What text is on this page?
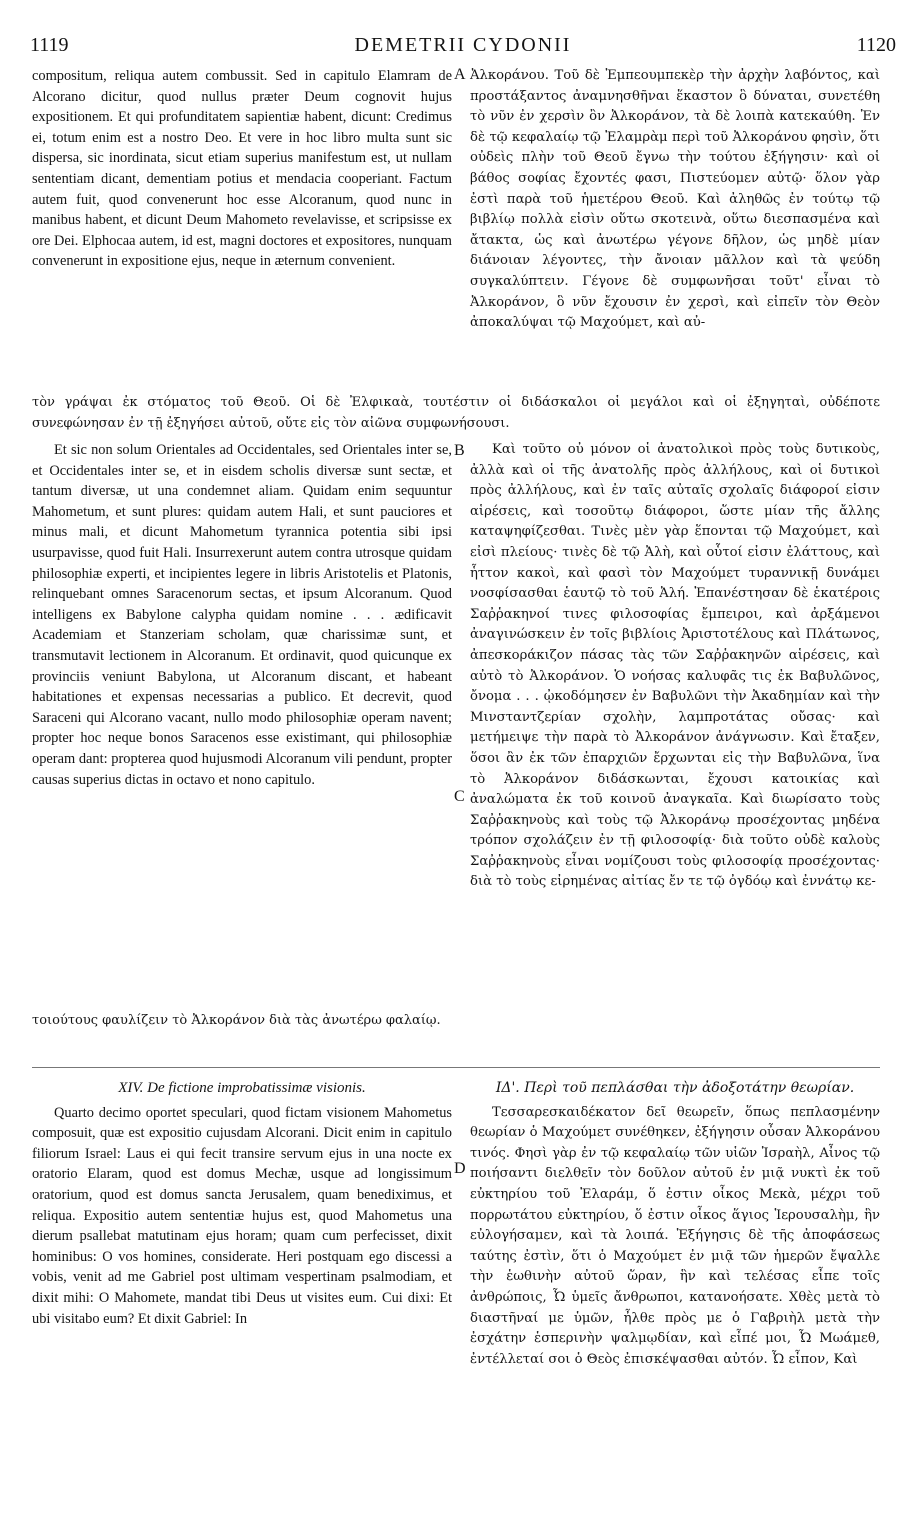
1119	DEMETRII CYDONII	1120
A

compositum, reliqua autem combussit. Sed in capitulo Elamram de Alcorano dicitur, quod nullus præter Deum cognovit hujus expositionem. Et qui profunditatem sapientiæ habent, dicunt: Credimus ei, totum enim est a nostro Deo. Et vere in hoc libro multa sunt sic dispersa, sic inordinata, sicut etiam superius manifestum est, ut nullam sententiam dicant, dementiam potius et mendacia cooperiant. Factum autem fuit, quod convenerunt hoc esse Alcoranum, quod nunc in manibus habent, et dicunt Deum Mahometo revelavisse, et scripsisse ex ore Dei. Elphocaa autem, id est, magni doctores et expositores, nunquam convenerunt in expositione ejus, neque in æternum convenient.

Ἀλκοράνου. Τοῦ δὲ Ἐμπεουμπεκὲρ τὴν ἀρχὴν λαβόντος, καὶ προστάξαντος ἀναμνησθῆναι ἕκαστον ὃ δύναται, συνετέθη τὸ νῦν ἐν χερσὶν ὂν Ἀλκοράνον, τὰ δὲ λοιπὰ κατεκαύθη. Ἐν δὲ τῷ κεφαλαίῳ τῷ Ἐλαμρὰμ περὶ τοῦ Ἀλκοράνου φησὶν, ὅτι οὐδεὶς πλὴν τοῦ Θεοῦ ἔγνω τὴν τούτου ἐξήγησιν· καὶ οἱ βάθος σοφίας ἔχοντές φασι, Πιστεύομεν αὐτῷ· ὅλον γὰρ ἐστὶ παρὰ τοῦ ἡμετέρου Θεοῦ. Καὶ ἀληθῶς ἐν τούτῳ τῷ βιβλίῳ πολλὰ εἰσὶν οὕτω σκοτεινὰ, οὕτω διεσπασμένα καὶ ἄτακτα, ὡς καὶ ἀνωτέρω γέγονε δῆλον, ὡς μηδὲ μίαν διάνοιαν λέγοντες, τὴν ἄνοιαν μᾶλλον καὶ τὰ ψεύδη συγκαλύπτειν. Γέγονε δὲ συμφωνῆσαι τοῦτ' εἶναι τὸ Ἀλκοράνον, ὃ νῦν ἔχουσιν ἐν χερσὶ, καὶ εἰπεῖν τὸν Θεὸν ἀποκαλύψαι τῷ Μαχούμετ, καὶ αὐ-

τὸν γράψαι ἐκ στόματος τοῦ Θεοῦ. Οἱ δὲ Ἐλφικαὰ, τουτέστιν οἱ διδάσκαλοι οἱ μεγάλοι καὶ οἱ ἐξηγηταὶ, οὐδέποτε συνεφώνησαν ἐν τῇ ἐξηγήσει αὐτοῦ, οὔτε εἰς τὸν αἰῶνα συμφωνήσουσι.
B
C

Et sic non solum Orientales ad Occidentales, sed Orientales inter se, et Occidentales inter se, et in eisdem scholis diversæ sunt sectæ, et tantum diversæ, ut una condemnet aliam. Quidam enim sequuntur Mahometum, et sunt plures: quidam autem Hali, et sunt pauciores et minus mali, et dicunt Mahometum tyrannica potentia sibi ipsi usurpavisse, quod fuit Hali. Insurrexerunt autem contra utrosque quidam philosophiæ experti, et incipientes legere in libris Aristotelis et Platonis, relinquebant omnes Saracenorum sectas, et ipsum Alcoranum. Quod intelligens ex Babylone calypha quidam nomine . . . ædificavit Academiam et Stanzeriam scholam, quæ charissimæ sunt, et transmutavit lectionem in Alcoranum. Et ordinavit, quod quicunque ex provinciis veniunt Babylona, ut Alcoranum discant, et habeant habitationes et expensas necessarias a publico. Et decrevit, quod Saraceni qui Alcorano vacant, nullo modo philosophiæ operam navent; propter hoc neque bonos Saracenos esse existimant, qui philosophiæ operam dant: propterea quod hujusmodi Alcoranum vili pendunt, propter causas superius dictas in octavo et nono capitulo.

Καὶ τοῦτο οὐ μόνον οἱ ἀνατολικοὶ πρὸς τοὺς δυτικοὺς, ἀλλὰ καὶ οἱ τῆς ἀνατολῆς πρὸς ἀλλήλους, καὶ οἱ δυτικοὶ πρὸς ἀλλήλους, καὶ ἐν ταῖς αὐταῖς σχολαῖς διάφοροί εἰσιν αἱρέσεις, καὶ τοσοῦτῳ διάφοροι, ὥστε μίαν τῆς ἄλλης καταψηφίζεσθαι. Τινὲς μὲν γὰρ ἕπονται τῷ Μαχούμετ, καὶ εἰσὶ πλείους· τινὲς δὲ τῷ Ἀλὴ, καὶ οὗτοί εἰσιν ἐλάττους, καὶ ἧττον κακοὶ, καὶ φασὶ τὸν Μαχούμετ τυραννικῇ δυνάμει νοσφίσασθαι ἑαυτῷ τὸ τοῦ Ἀλή. Ἐπανέστησαν δὲ ἑκατέροις Σαῤῥακηνοί τινες φιλοσοφίας ἔμπειροι, καὶ ἀρξάμενοι ἀναγινώσκειν ἐν τοῖς βιβλίοις Ἀριστοτέλους καὶ Πλάτωνος, ἀπεσκοράκιζον πάσας τὰς τῶν Σαῤῥακηνῶν αἱρέσεις, καὶ αὐτὸ τὸ Ἀλκοράνον. Ὁ νοήσας καλυφᾶς τις ἐκ Βαβυλῶνος, ὄνομα . . . ᾠκοδόμησεν ἐν Βαβυλῶνι τὴν Ἀκαδημίαν καὶ τὴν Μινσταντζερίαν σχολὴν, λαμπροτάτας οὔσας· καὶ μετήμειψε τὴν παρὰ τὸ Ἀλκοράνον ἀνάγνωσιν. Καὶ ἔταξεν, ὅσοι ἂν ἐκ τῶν ἐπαρχιῶν ἔρχωνται εἰς τὴν Βαβυλῶνα, ἵνα τὸ Ἀλκοράνον διδάσκωνται, ἔχουσι κατοικίας καὶ ἀναλώματα ἐκ τοῦ κοινοῦ ἀναγκαῖα. Καὶ διωρίσατο τοὺς Σαῤῥακηνοὺς καὶ τοὺς τῷ Ἀλκοράνῳ προσέχοντας μηδένα τρόπον σχολάζειν ἐν τῇ φιλοσοφίᾳ· διὰ τοῦτο οὐδὲ καλοὺς Σαῤῥακηνοὺς εἶναι νομίζουσι τοὺς φιλοσοφίᾳ προσέχοντας· διὰ τὸ τοὺς εἰρημένας αἰτίας ἔν τε τῷ ὀγδόῳ καὶ ἐννάτῳ κε-

τοιούτους φαυλίζειν τὸ Ἀλκοράνον διὰ τὰς ἀνωτέρω φαλαίῳ.
D
XIV. De fictione improbatissimæ visionis.

Quarto decimo oportet speculari, quod fictam visionem Mahometus composuit, quæ est expositio cujusdam Alcorani. Dicit enim in capitulo filiorum Israel: Laus ei qui fecit transire servum ejus in una nocte ex oratorio Elaram, quod est domus Mechæ, usque ad longissimum oratorium, quod est domus sancta Jerusalem, quam benediximus, et reliqua. Expositio autem sententiæ hujus est, quod Mahometus una dierum psallebat matutinam ejus horam; quam cum perfecisset, dixit hominibus: O vos homines, considerate. Heri postquam ego discessi a vobis, venit ad me Gabriel post ultimam vespertinam psalmodiam, et dixit mihi: O Mahomete, mandat tibi Deus ut visites eum. Cui dixi: Et ubi visitabo eum? Et dixit Gabriel: In

ΙΔ'. Περὶ τοῦ πεπλάσθαι τὴν ἀδοξοτάτην θεωρίαν.

Τεσσαρεσκαιδέκατον δεῖ θεωρεῖν, ὅπως πεπλασμένην θεωρίαν ὁ Μαχούμετ συνέθηκεν, ἐξήγησιν οὖσαν Ἀλκοράνου τινός. Φησὶ γὰρ ἐν τῷ κεφαλαίῳ τῶν υἱῶν Ἰσραὴλ, Αἶνος τῷ ποιήσαντι διελθεῖν τὸν δοῦλον αὐτοῦ ἐν μιᾷ νυκτὶ ἐκ τοῦ εὐκτηρίου τοῦ Ἐλαράμ, ὅ ἐστιν οἶκος Μεκὰ, μέχρι τοῦ πορρωτάτου εὐκτηρίου, ὅ ἐστιν οἶκος ἅγιος Ἱερουσαλὴμ, ἣν εὐλογήσαμεν, καὶ τὰ λοιπά. Ἐξήγησις δὲ τῆς ἀποφάσεως ταύτης ἐστὶν, ὅτι ὁ Μαχούμετ ἐν μιᾷ τῶν ἡμερῶν ἔψαλλε τὴν ἑωθινὴν αὐτοῦ ὥραν, ἣν καὶ τελέσας εἶπε τοῖς ἀνθρώποις, Ὦ ὑμεῖς ἄνθρωποι, κατανοήσατε. Χθὲς μετὰ τὸ διαστῆναί με ὑμῶν, ἦλθε πρὸς με ὁ Γαβριὴλ μετὰ τὴν ἐσχάτην ἑσπερινὴν ψαλμῳδίαν, καὶ εἶπέ μοι, Ὦ Μωάμεθ, ἐντέλλεταί σοι ὁ Θεὸς ἐπισκέψασθαι αὐτόν. Ὦ εἶπον, Καὶ
